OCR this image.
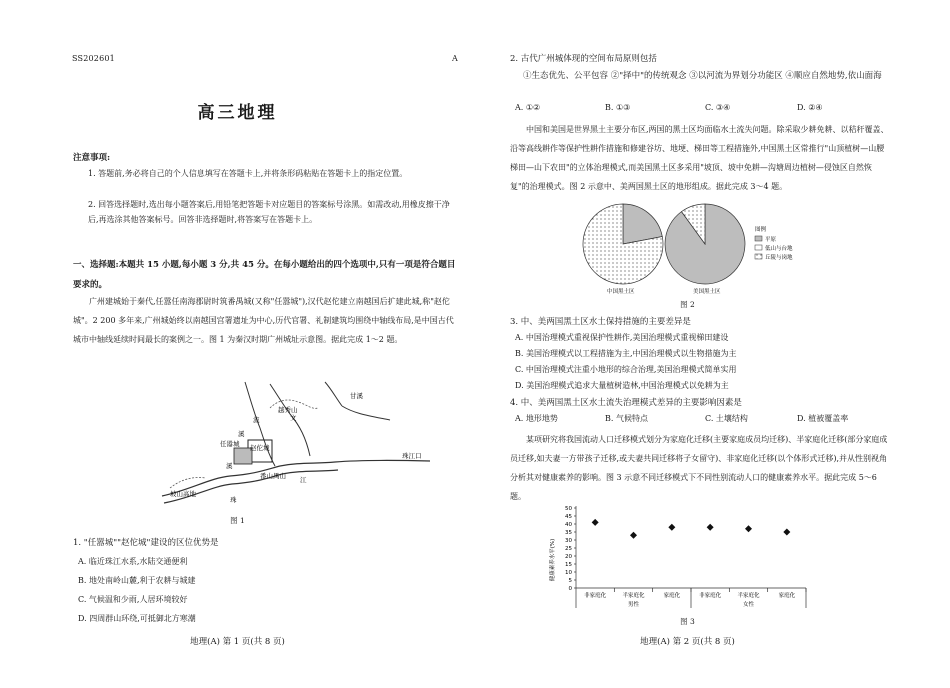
SS202601	A
高三地理
注意事项:
1. 答题前,务必将自己的个人信息填写在答题卡上,并将条形码粘贴在答题卡上的指定位置。
2. 回答选择题时,选出每小题答案后,用铅笔把答题卡对应题目的答案标号涂黑。如需改动,用橡皮擦干净后,再选涂其他答案标号。回答非选择题时,将答案写在答题卡上。
一、选择题:本题共 15 小题,每小题 3 分,共 45 分。在每小题给出的四个选项中,只有一项是符合题目要求的。
广州建城始于秦代,任嚣任南海郡尉时筑番禺城(又称"任嚣城"),汉代赵佗建立南越国后扩建此城,称"赵佗城"。2 200 多年来,广州城始终以南越国宫署遗址为中心,历代官署、礼制建筑均围绕中轴线布局,是中国古代城市中轴线延续时间最长的案例之一。图 1 为秦汉时期广州城址示意图。据此完成 1～2 题。
越秀山
甘溪
流	文
溪
任嚣城 赵佗城
溪
番山禺山
珠江口
坡山高地
江
珠
图 1
1. "任嚣城""赵佗城"建设的区位优势是
A. 临近珠江水系,水陆交通便利
B. 地处南岭山麓,利于农耕与城建
C. 气候温和少雨,人居环境较好
D. 四周群山环绕,可抵御北方寒潮
地理(A) 第 1 页(共 8 页)
2. 古代广州城体现的空间布局原则包括
①生态优先、公平包容 ②"择中"的传统观念 ③以河流为界划分功能区 ④顺应自然地势,依山面海
A. ①②	B. ①③	C. ③④	D. ②④
中国和美国是世界黑土主要分布区,两国的黑土区均面临水土流失问题。除采取少耕免耕、以秸秆覆盖、沿等高线耕作等保护性耕作措施和修建谷坊、地埂、梯田等工程措施外,中国黑土区常推行"山顶植树—山腰梯田—山下农田"的立体治理模式,而美国黑土区多采用"坡顶、坡中免耕—沟塘周边植树—侵蚀区自然恢复"的治理模式。图 2 示意中、美两国黑土区的地形组成。据此完成 3～4 题。
中国黑土区	美国黑土区
图例
平原
低山与台地
丘陵与岗地
图 2
3. 中、美两国黑土区水土保持措施的主要差异是
A. 中国治理模式重视保护性耕作,美国治理模式重视梯田建设
B. 美国治理模式以工程措施为主,中国治理模式以生物措施为主
C. 中国治理模式注重小地形的综合治理,美国治理模式简单实用
D. 美国治理模式追求大量植树造林,中国治理模式以免耕为主
4. 中、美两国黑土区水土流失治理模式差异的主要影响因素是
A. 地形地势	B. 气候特点	C. 土壤结构	D. 植被覆盖率
某项研究将我国流动人口迁移模式划分为家庭化迁移(主要家庭成员均迁移)、半家庭化迁移(部分家庭成员迁移,如夫妻一方带孩子迁移,或夫妻共同迁移将子女留守)、非家庭化迁移(以个体形式迁移),并从性别视角分析其对健康素养的影响。图 3 示意不同迁移模式下不同性别流动人口的健康素养水平。据此完成 5～6 题。
0
5
10
15
20
25
30
35
40
45
50
非家庭化	半家庭化	家庭化	非家庭化	半家庭化	家庭化
男性	女性
健康素养水平(%)
图 3
地理(A) 第 2 页(共 8 页)
